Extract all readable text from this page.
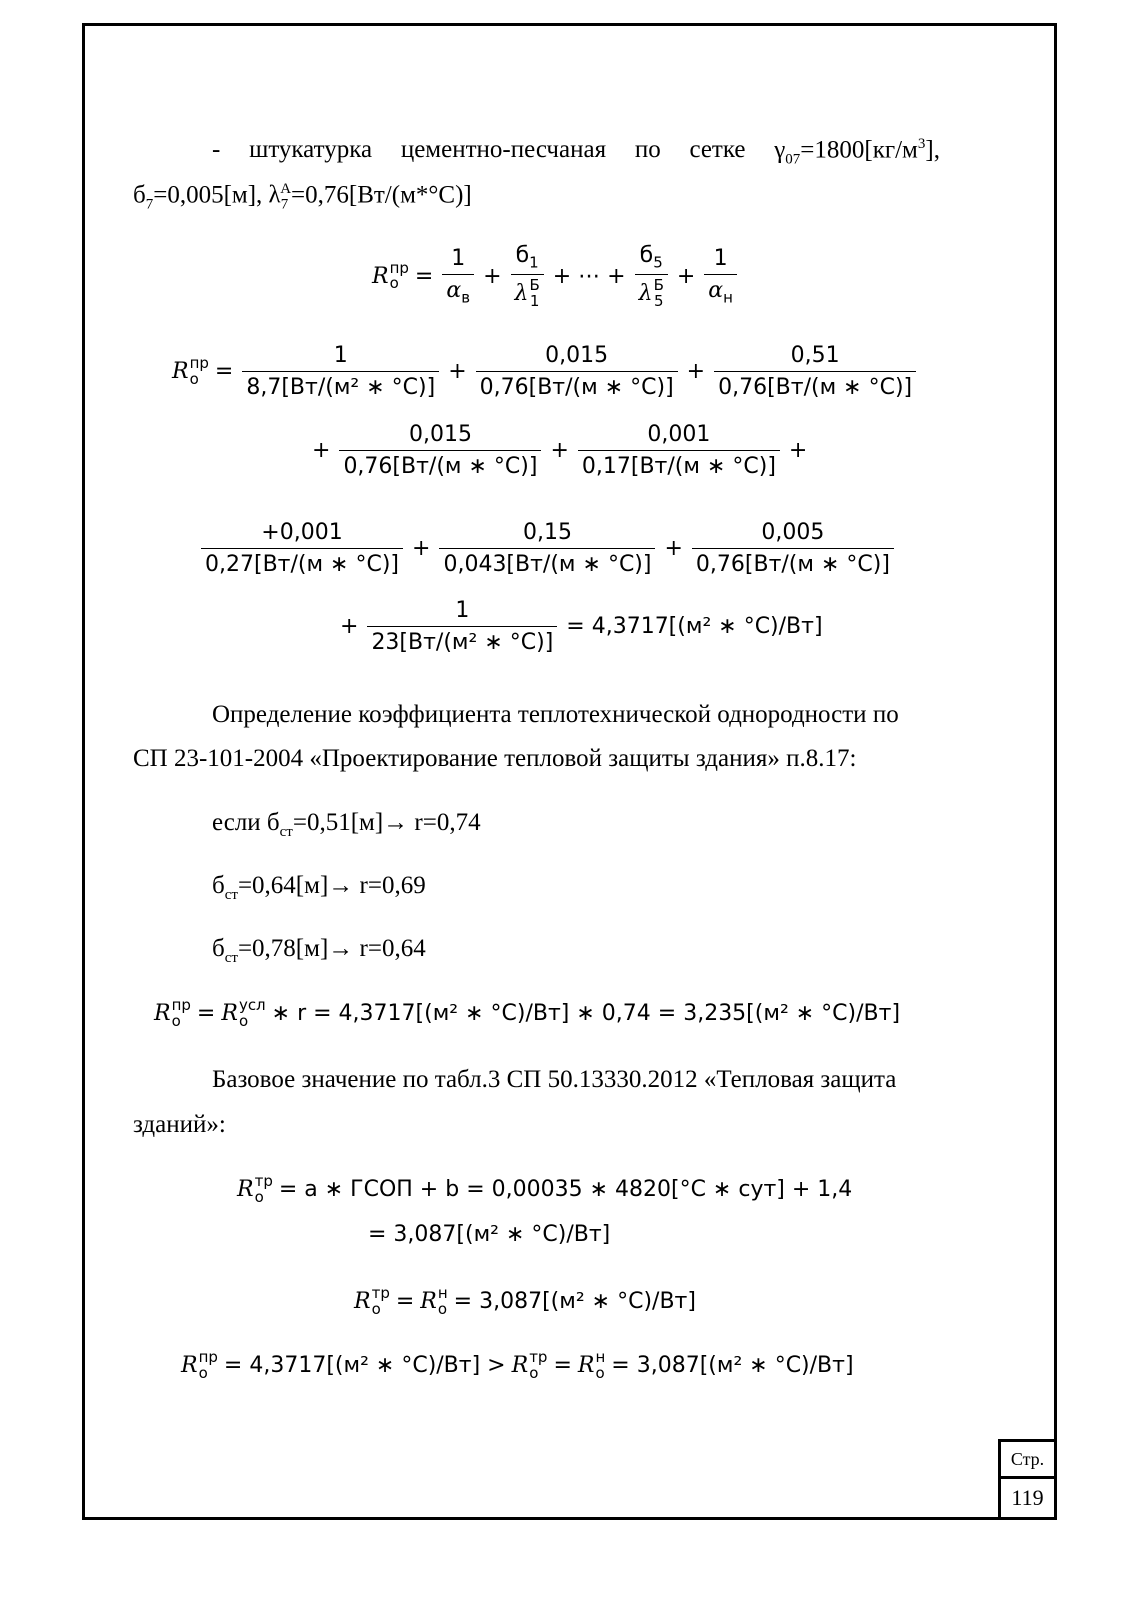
Стр.
119
- штукатурка цементно-песчаная по сетке $\gamma_{07}=1800[кг/м^3]$,
$б_7=0,005[м]$, $\lambda_7^А=0,76[Вт/(м*^\circ С)]$
R пр
$о = \frac{1}{\alpha_в} + б_1$
λ Б
1 + ⋯ + $б_5$
λ Б
$5 + \frac{1}{\alpha_н}$
R пр
$о = \frac{1}{\text{8,7[Вт/(м² ∗ °С)]}} + \frac{0,015}{0,76[Вт/(м ∗ ^\circ С)]} + \frac{0,51}{0,76[Вт/(м ∗ ^\circ С)]}$
+ $\frac{0,015}{0,76[Вт/(м ∗ ^\circ С)]} + \frac{0,001}{0,17[Вт/(м ∗ ^\circ С)]}$ +
$\frac{+0,001}{0,27[Вт/(м ∗ ^\circ С)]} + \frac{0,15}{0,043[Вт/(м ∗ ^\circ С)]} + \frac{0,005}{0,76[Вт/(м ∗ ^\circ С)]}$
+ $\frac{1}{\text{23[Вт/(м² ∗ °С)]}} = 4,3717[(м^2$ ∗ °С)/Вт]
Определение коэффициента теплотехнической однородности по
СП 23-101-2004 «Проектирование тепловой защиты здания» п.8.17:
если $б_{ст}=0,51[м]\to r=0,74$
$б_{ст}=0,64[м]\to r=0,69$
$б_{ст}=0,78[м]\to r=0,64$
R пр
о = R усл
о	∗ r = 4,3717[(м² ∗ °С)/Вт] ∗ 0,74 = 3,235[(м² ∗ °С)/Вт]
Базовое значение по табл.3 СП 50.13330.2012 «Тепловая защита
зданий»:
R тр
о = а ∗ ГСОП + b = 0,00035 ∗ 4820[°С ∗ сут] + 1,4
= 3,087[(м² ∗ °С)/Вт]
R тр
о = R н
о = 3,087[(м² ∗ °С)/Вт]
R пр
о = 4,3717[(м² ∗ °С)/Вт] > R тр
о = R н
о = 3,087[(м² ∗ °С)/Вт]
